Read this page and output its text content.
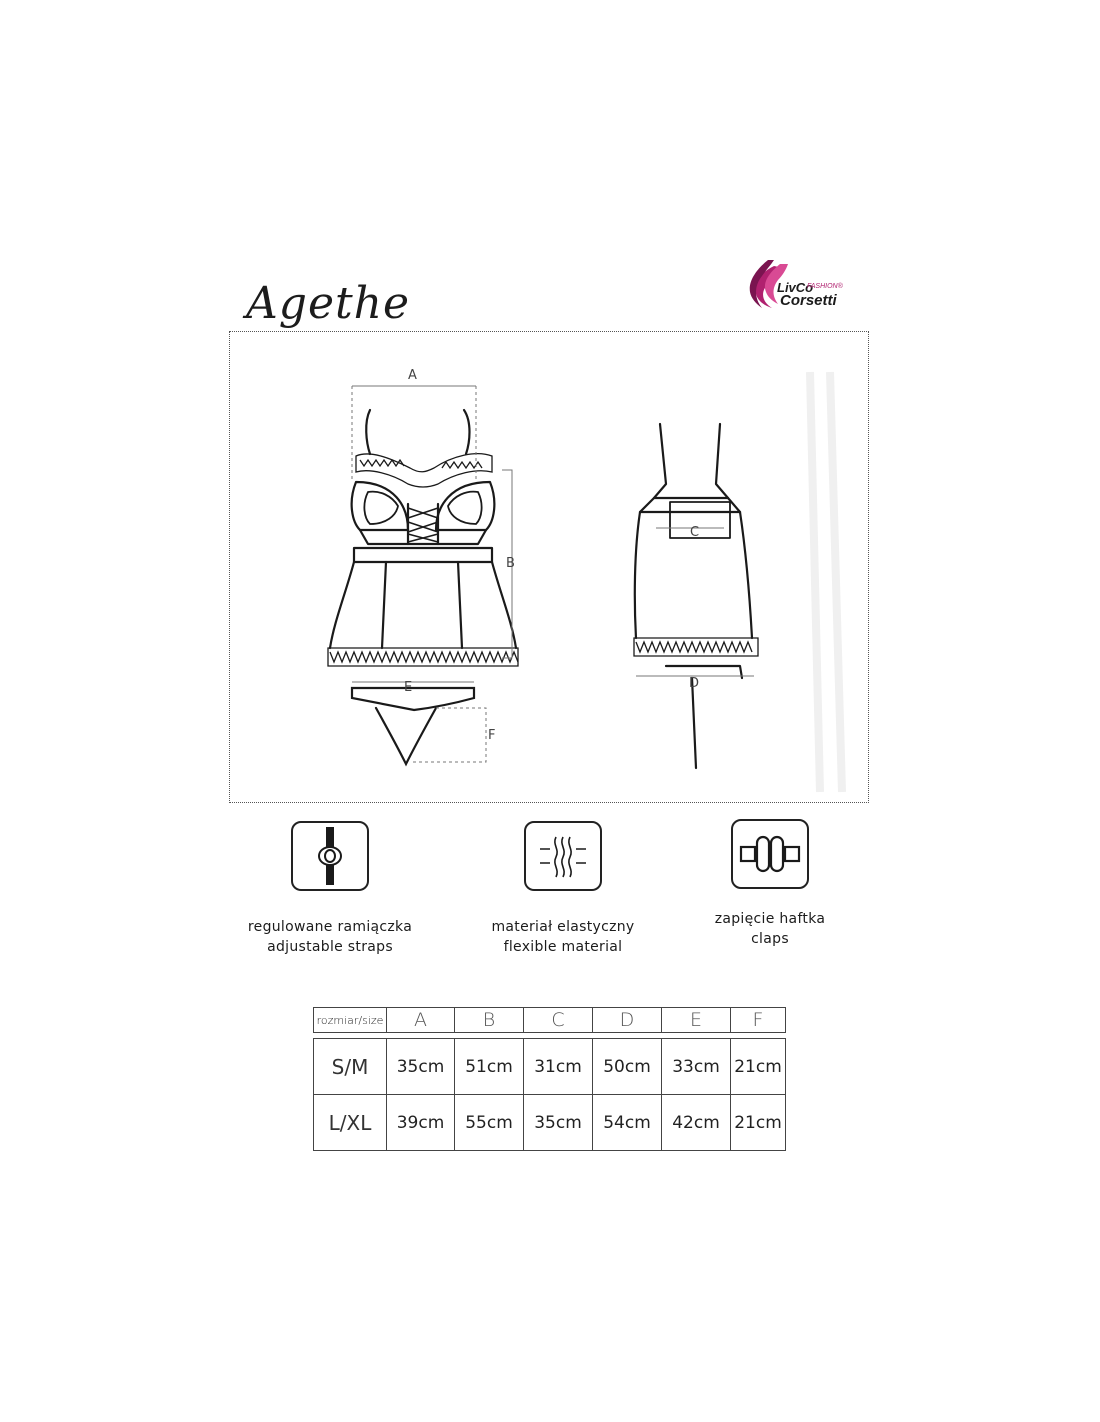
Agethe	LivCo
FASHION®
Corsetti
A
B
C
D
E
F
regulowane ramiączka
adjustable straps
materiał elastyczny
flexible material
zapięcie haftka
claps
rozmiar/size	A	B	C	D	E	F

S/M	35cm	51cm	31cm	50cm	33cm	21cm
L/XL	39cm	55cm	35cm	54cm	42cm	21cm
